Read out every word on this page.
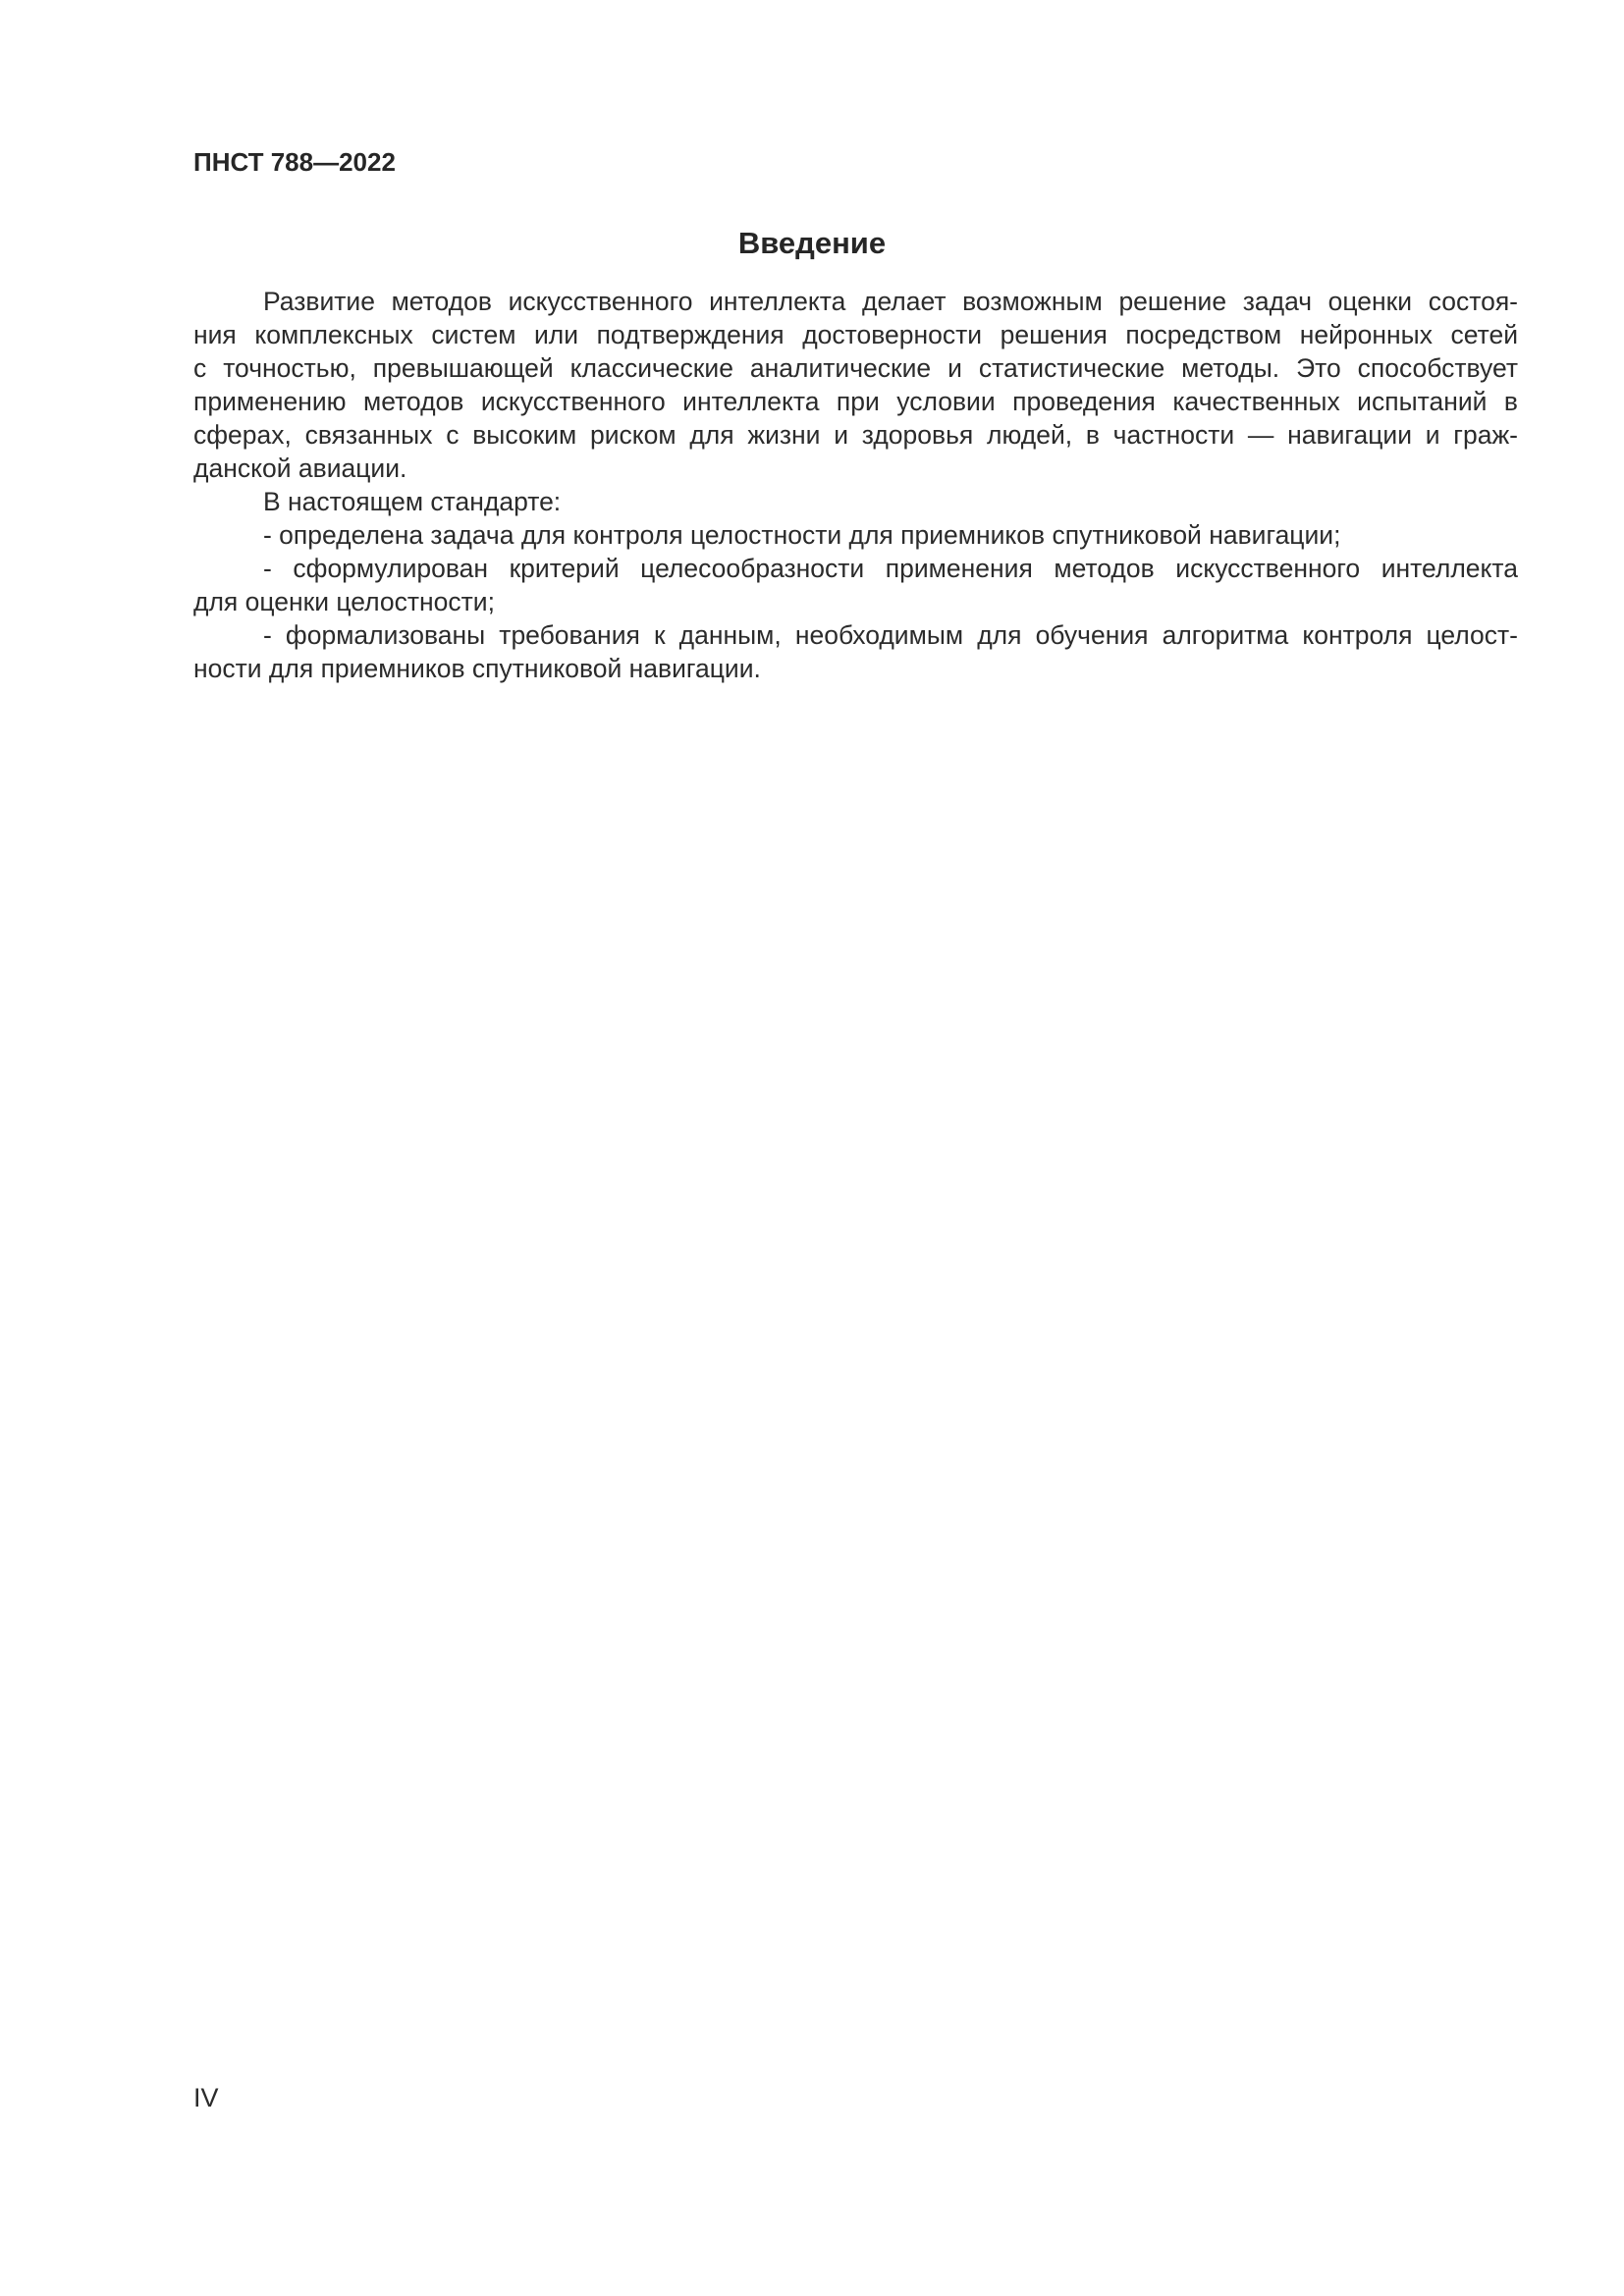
ПНСТ 788—2022
Введение
Развитие методов искусственного интеллекта делает возможным решение задач оценки состоя-
ния комплексных систем или подтверждения достоверности решения посредством нейронных сетей
с точностью, превышающей классические аналитические и статистические методы. Это способствует
применению методов искусственного интеллекта при условии проведения качественных испытаний в
сферах, связанных с высоким риском для жизни и здоровья людей, в частности — навигации и граж-
данской авиации.
В настоящем стандарте:
- определена задача для контроля целостности для приемников спутниковой навигации;
- сформулирован критерий целесообразности применения методов искусственного интеллекта
для оценки целостности;
- формализованы требования к данным, необходимым для обучения алгоритма контроля целост-
ности для приемников спутниковой навигации.
IV
